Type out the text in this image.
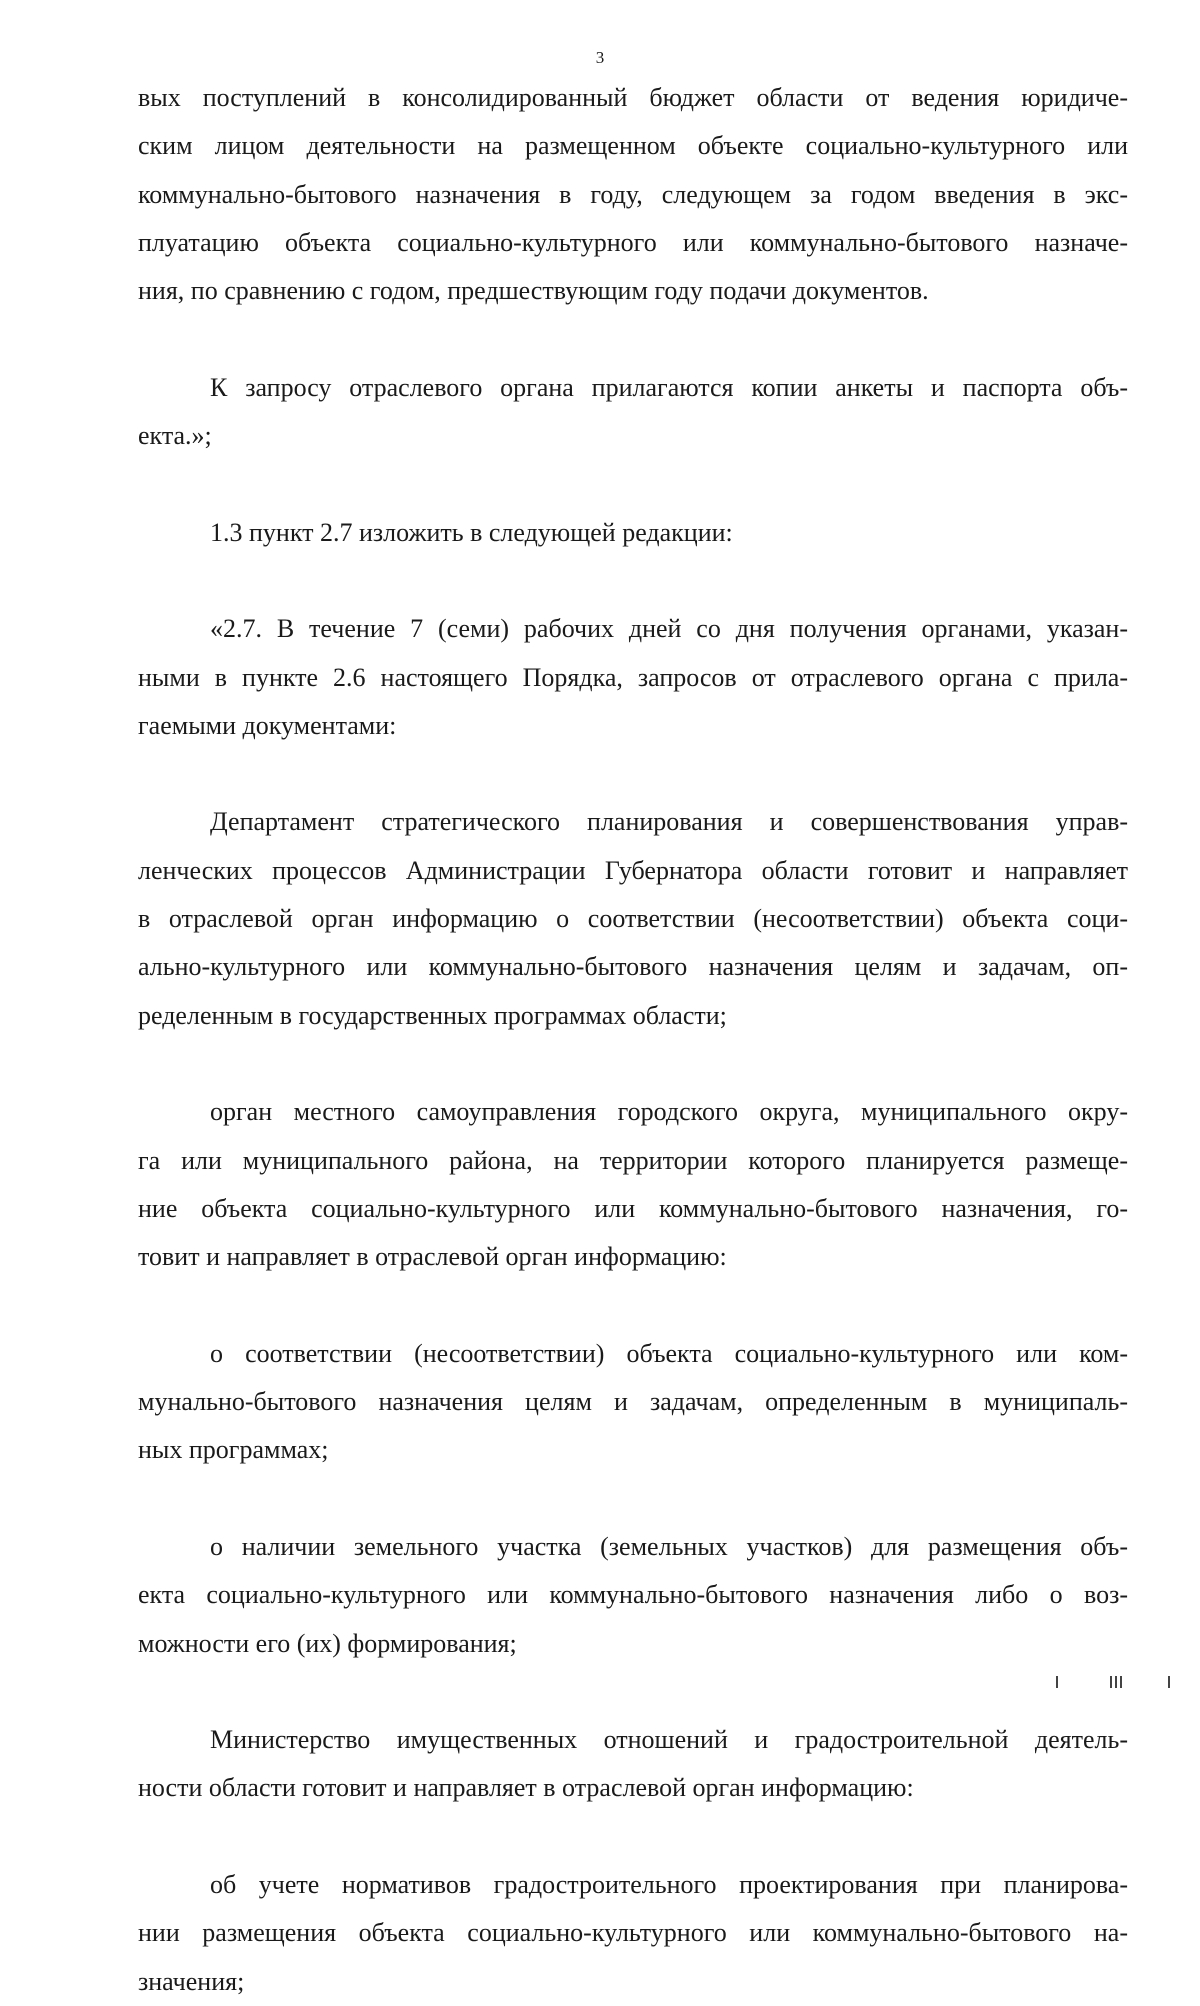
3
вых поступлений в консолидированный бюджет области от ведения юридиче-
ским лицом деятельности на размещенном объекте социально-культурного или
коммунально-бытового назначения в году, следующем за годом введения в экс-
плуатацию объекта социально-культурного или коммунально-бытового назначе-
ния, по сравнению с годом, предшествующим году подачи документов.
К запросу отраслевого органа прилагаются копии анкеты и паспорта объ-
екта.»;
1.3 пункт 2.7 изложить в следующей редакции:
«2.7. В течение 7 (семи) рабочих дней со дня получения органами, указан-
ными в пункте 2.6 настоящего Порядка, запросов от отраслевого органа с прила-
гаемыми документами:
Департамент стратегического планирования и совершенствования управ-
ленческих процессов Администрации Губернатора области готовит и направляет
в отраслевой орган информацию о соответствии (несоответствии) объекта соци-
ально-культурного или коммунально-бытового назначения целям и задачам, оп-
ределенным в государственных программах области;
орган местного самоуправления городского округа, муниципального окру-
га или муниципального района, на территории которого планируется размеще-
ние объекта социально-культурного или коммунально-бытового назначения, го-
товит и направляет в отраслевой орган информацию:
о соответствии (несоответствии) объекта социально-культурного или ком-
мунально-бытового назначения целям и задачам, определенным в муниципаль-
ных программах;
о наличии земельного участка (земельных участков) для размещения объ-
екта социально-культурного или коммунально-бытового назначения либо о воз-
можности его (их) формирования;
Министерство имущественных отношений и градостроительной деятель-
ности области готовит и направляет в отраслевой орган информацию:
об учете нормативов градостроительного проектирования при планирова-
нии размещения объекта социально-культурного или коммунально-бытового на-
значения;
